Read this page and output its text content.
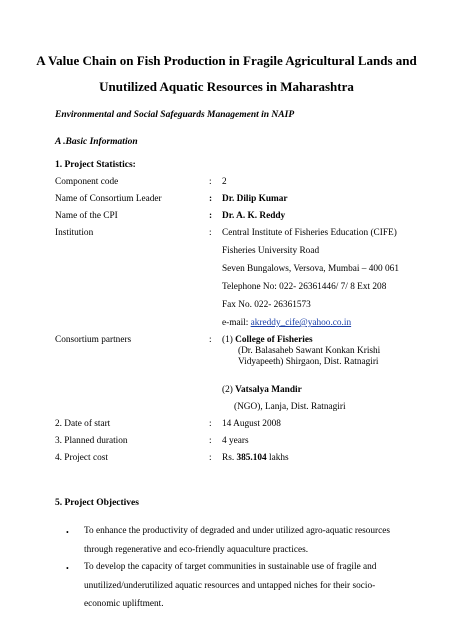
A Value Chain on Fish Production in Fragile Agricultural Lands and
Unutilized Aquatic Resources in Maharashtra
Environmental and Social Safeguards Management in NAIP
A .Basic Information
1. Project Statistics:
Component code	: 2
Name of Consortium Leader	: Dr. Dilip Kumar
Name of the CPI	: Dr. A. K. Reddy
Institution	: Central Institute of Fisheries Education (CIFE)
Fisheries University Road
Seven Bungalows, Versova, Mumbai – 400 061
Telephone No: 022- 26361446/ 7/ 8 Ext 208
Fax No. 022- 26361573
e-mail: akreddy_cife@yahoo.co.in
Consortium partners	: (1) College of Fisheries
(Dr. Balasaheb Sawant Konkan Krishi
Vidyapeeth) Shirgaon, Dist. Ratnagiri
(2) Vatsalya Mandir
(NGO), Lanja, Dist. Ratnagiri
2. Date of start	: 14 August 2008
3. Planned duration	: 4 years
4. Project cost	: Rs. 385.104 lakhs
5. Project Objectives
• To enhance the productivity of degraded and under utilized agro-aquatic resources
through regenerative and eco-friendly aquaculture practices.
• To develop the capacity of target communities in sustainable use of fragile and
unutilized/underutilized aquatic resources and untapped niches for their socio-
economic upliftment.
